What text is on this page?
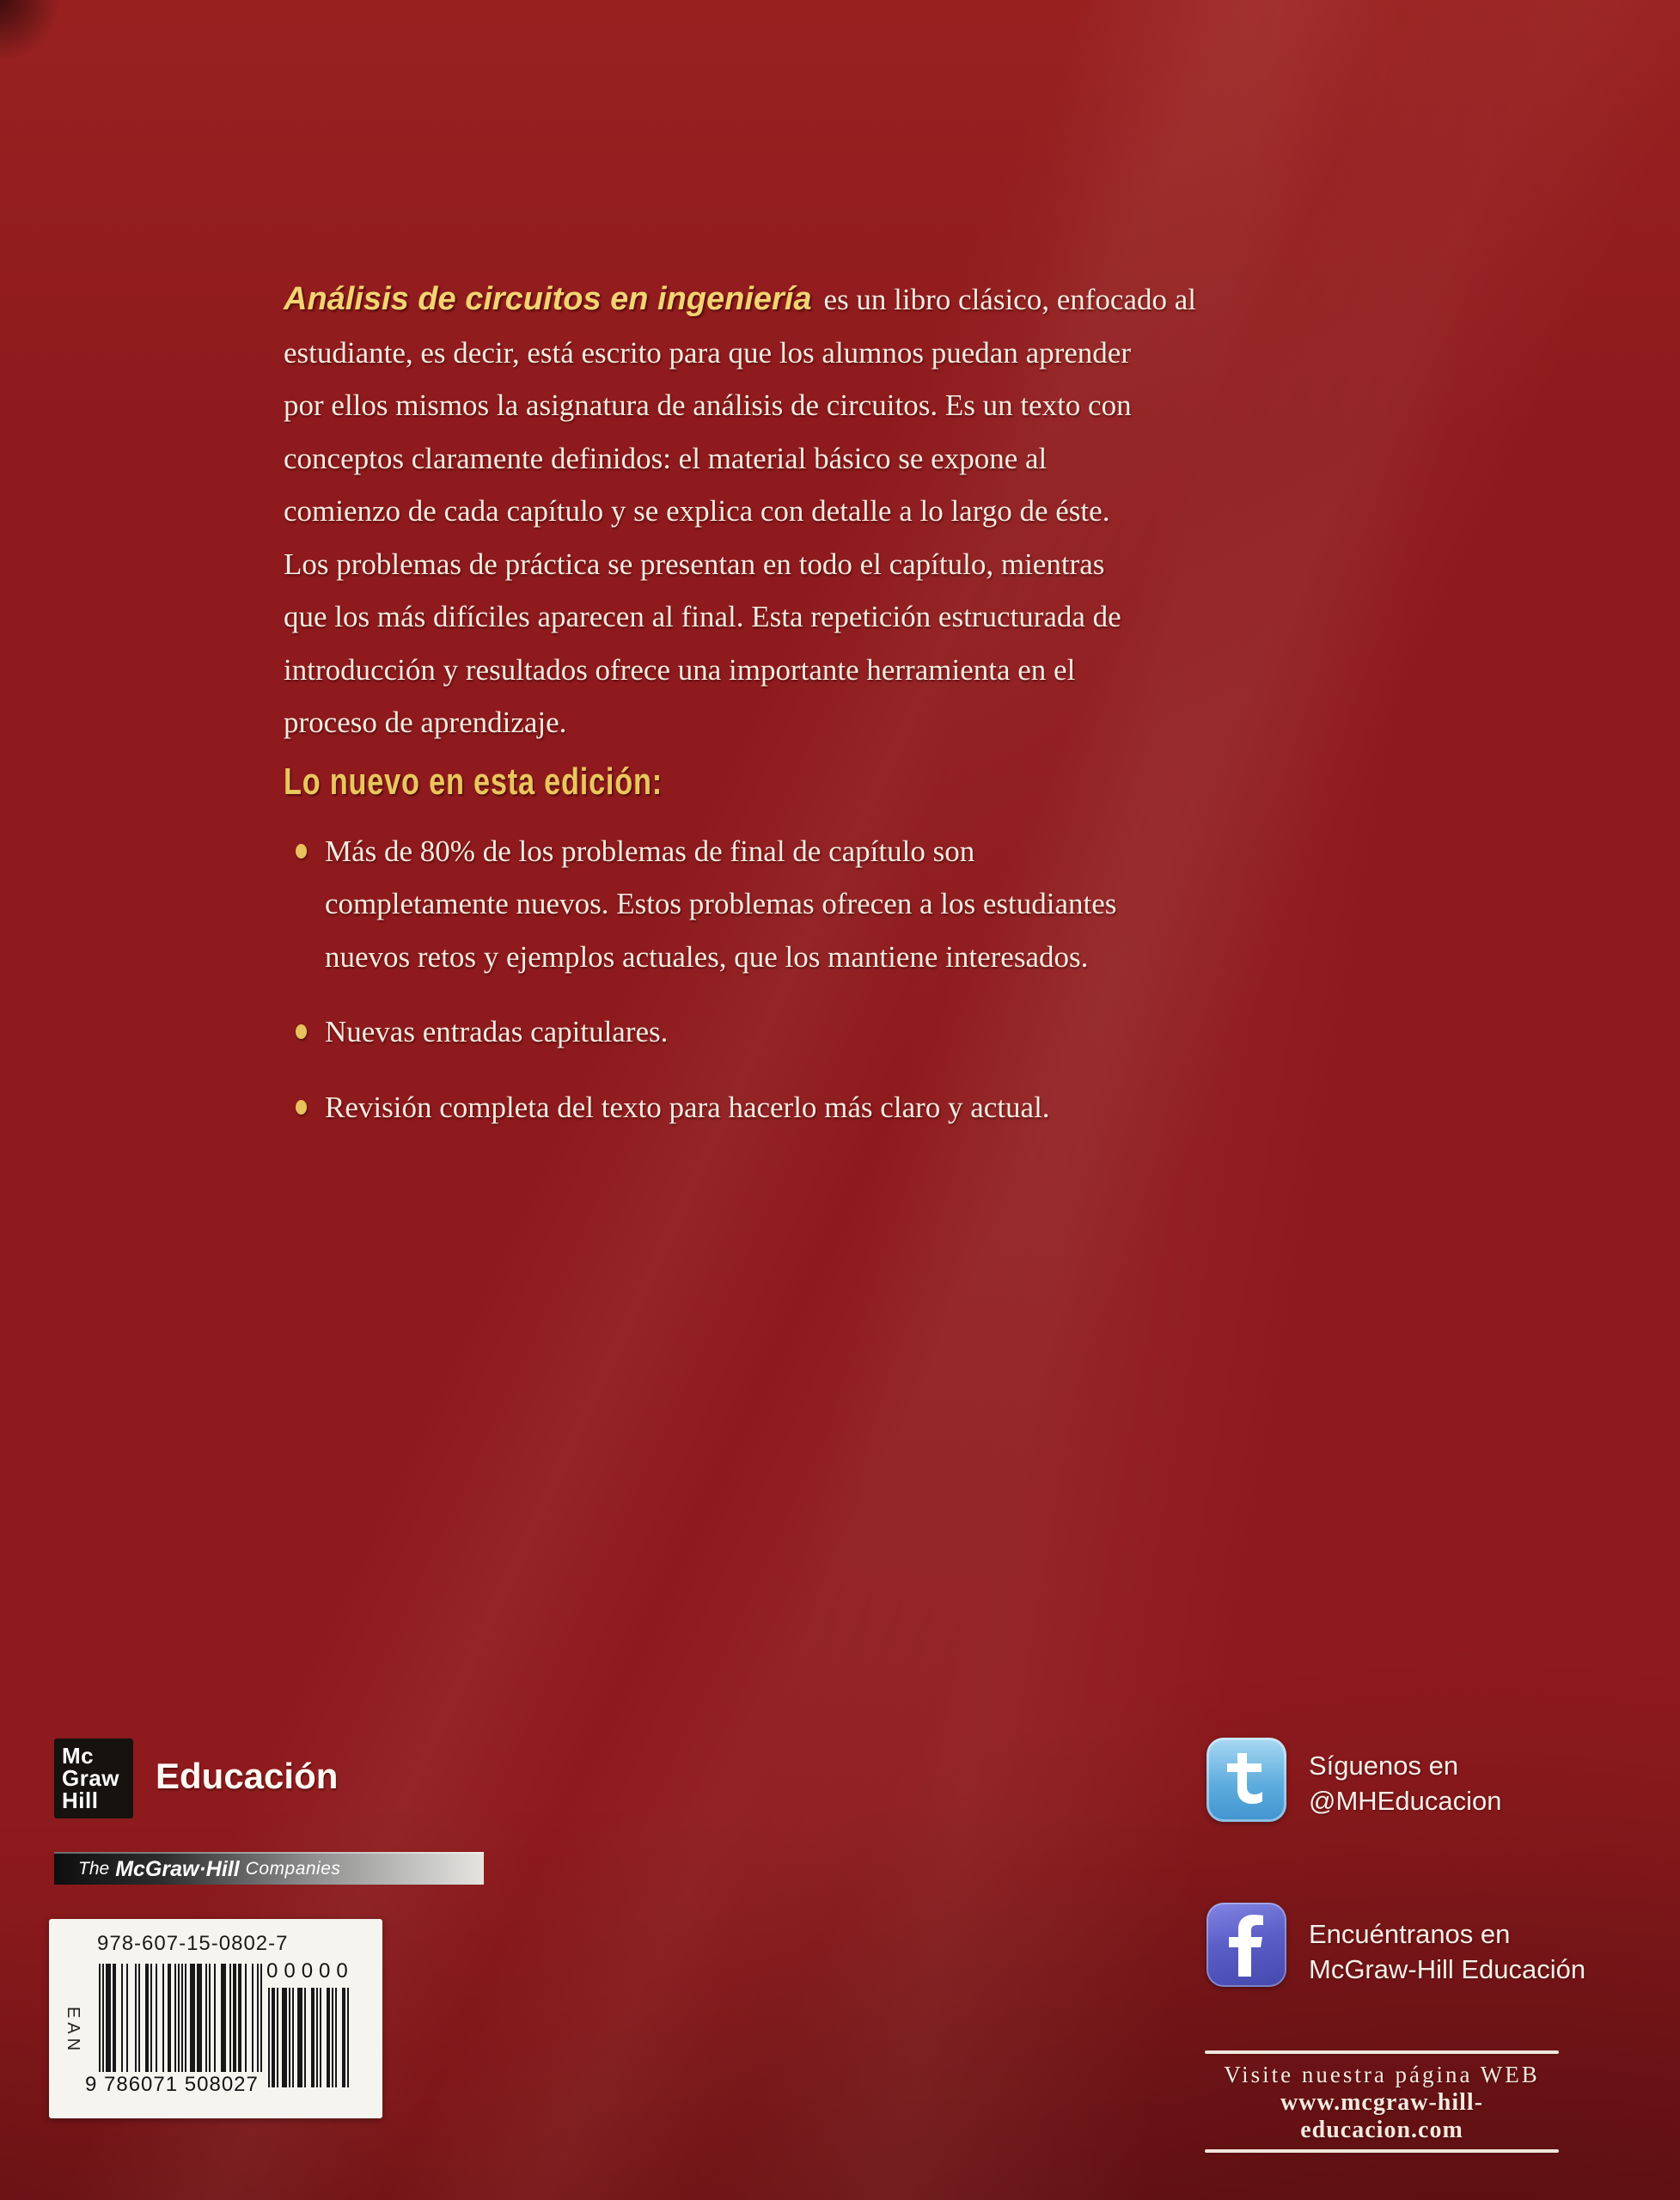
Análisis de circuitos en ingeniería es un libro clásico, enfocado al
estudiante, es decir, está escrito para que los alumnos puedan aprender
por ellos mismos la asignatura de análisis de circuitos. Es un texto con
conceptos claramente definidos: el material básico se expone al
comienzo de cada capítulo y se explica con detalle a lo largo de éste.
Los problemas de práctica se presentan en todo el capítulo, mientras
que los más difíciles aparecen al final. Esta repetición estructurada de
introducción y resultados ofrece una importante herramienta en el
proceso de aprendizaje.

Lo nuevo en esta edición:
Más de 80% de los problemas de final de capítulo son
completamente nuevos. Estos problemas ofrecen a los estudiantes
nuevos retos y ejemplos actuales, que los mantiene interesados.
Nuevas entradas capitulares.
Revisión completa del texto para hacerlo más claro y actual.
Mc
Graw
Hill
Educación
The McGraw·Hill Companies
978-607-15-0802-7
EAN
9 786071 508027
00000
Síguenos en
@MHEducacion
Encuéntranos en
McGraw-Hill Educación
Visite nuestra página WEB
www.mcgraw-hill-educacion.com
